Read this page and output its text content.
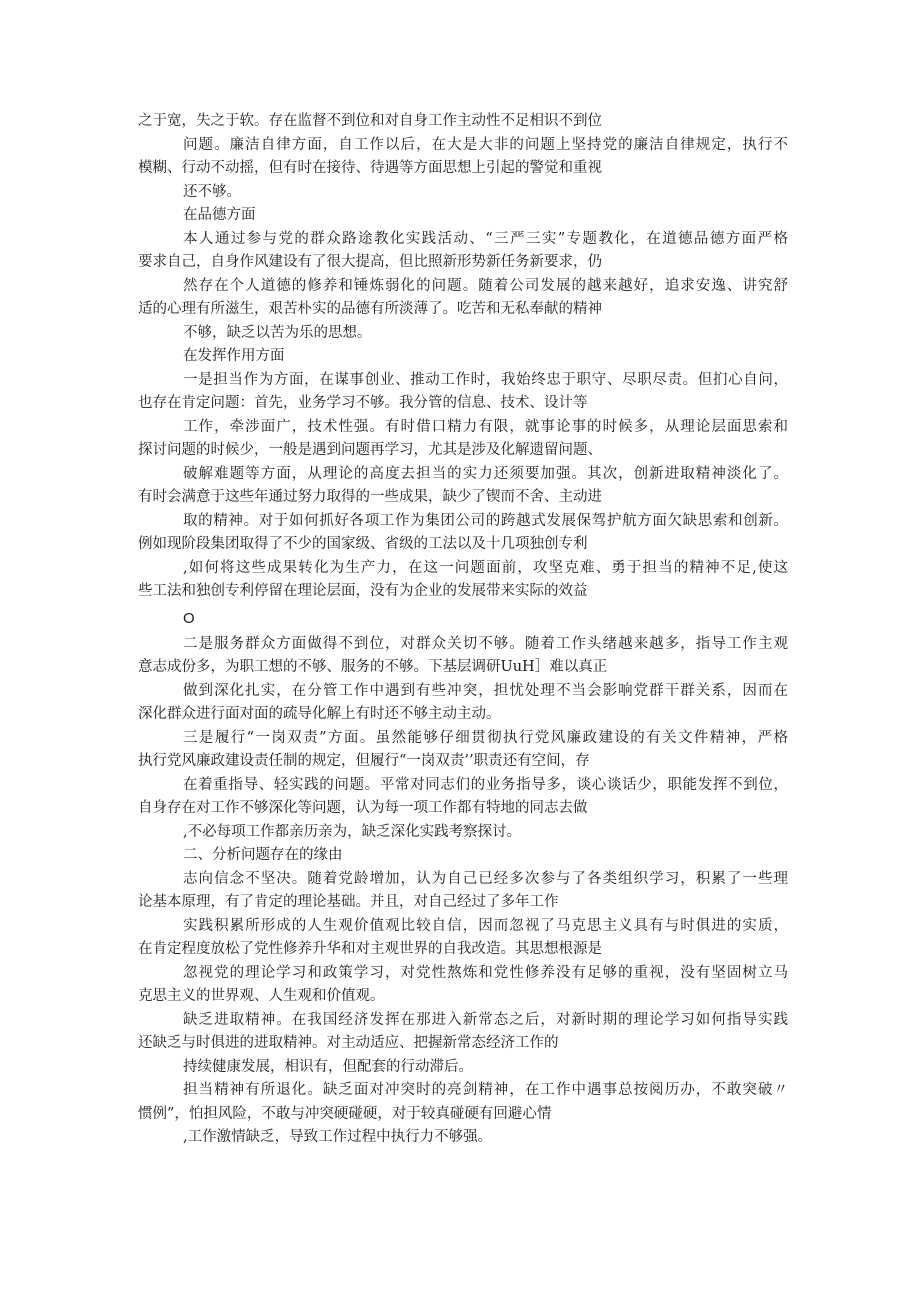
之于宽，失之于软。存在监督不到位和对自身工作主动性不足相识不到位

问题。廉洁自律方面，自工作以后，在大是大非的问题上坚持党的廉洁自律规定，执行不

模糊、行动不动摇，但有时在接待、待遇等方面思想上引起的警觉和重视

还不够。

在品德方面

本人通过参与党的群众路途教化实践活动、“三严三实”专题教化，在道德品德方面严格

要求自己，自身作风建设有了很大提高，但比照新形势新任务新要求，仍

然存在个人道德的修养和锤炼弱化的问题。随着公司发展的越来越好，追求安逸、讲究舒

适的心理有所滋生，艰苦朴实的品德有所淡薄了。吃苦和无私奉献的精神

不够，缺乏以苦为乐的思想。

在发挥作用方面

一是担当作为方面，在谋事创业、推动工作时，我始终忠于职守、尽职尽责。但扪心自问，

也存在肯定问题：首先，业务学习不够。我分管的信息、技术、设计等

工作，牵涉面广，技术性强。有时借口精力有限，就事论事的时候多，从理论层面思索和

探讨问题的时候少，一般是遇到问题再学习，尤其是涉及化解遗留问题、

破解难题等方面，从理论的高度去担当的实力还须要加强。其次，创新进取精神淡化了。

有时会满意于这些年通过努力取得的一些成果，缺少了锲而不舍、主动进

取的精神。对于如何抓好各项工作为集团公司的跨越式发展保驾护航方面欠缺思索和创新。

例如现阶段集团取得了不少的国家级、省级的工法以及十几项独创专利

,如何将这些成果转化为生产力，在这一问题面前，攻坚克难、勇于担当的精神不足,使这

些工法和独创专利停留在理论层面，没有为企业的发展带来实际的效益

O

二是服务群众方面做得不到位，对群众关切不够。随着工作头绪越来越多，指导工作主观

意志成份多，为职工想的不够、服务的不够。下基层调研UuH］难以真正

做到深化扎实，在分管工作中遇到有些冲突，担忧处理不当会影响党群干群关系，因而在

深化群众进行面对面的疏导化解上有时还不够主动主动。

三是履行“一岗双责”方面。虽然能够仔细贯彻执行党风廉政建设的有关文件精神，严格

执行党风廉政建设责任制的规定，但履行“一岗双责’’职责还有空间，存

在着重指导、轻实践的问题。平常对同志们的业务指导多，谈心谈话少，职能发挥不到位，

自身存在对工作不够深化等问题，认为每一项工作都有特地的同志去做

,不必每项工作都亲历亲为，缺乏深化实践考察探讨。

二、分析问题存在的缘由

志向信念不坚决。随着党龄增加，认为自己已经多次参与了各类组织学习，积累了一些理

论基本原理，有了肯定的理论基础。并且，对自己经过了多年工作

实践积累所形成的人生观价值观比较自信，因而忽视了马克思主义具有与时俱进的实质，

在肯定程度放松了党性修养升华和对主观世界的自我改造。其思想根源是

忽视党的理论学习和政策学习，对党性熬炼和党性修养没有足够的重视，没有坚固树立马

克思主义的世界观、人生观和价值观。

缺乏进取精神。在我国经济发挥在那进入新常态之后，对新时期的理论学习如何指导实践

还缺乏与时俱进的进取精神。对主动适应、把握新常态经济工作的

持续健康发展，相识有，但配套的行动滞后。

担当精神有所退化。缺乏面对冲突时的亮剑精神，在工作中遇事总按阅历办，不敢突破〃

惯例”，怕担风险，不敢与冲突硬碰硬，对于较真碰硬有回避心情

,工作激情缺乏，导致工作过程中执行力不够强。
